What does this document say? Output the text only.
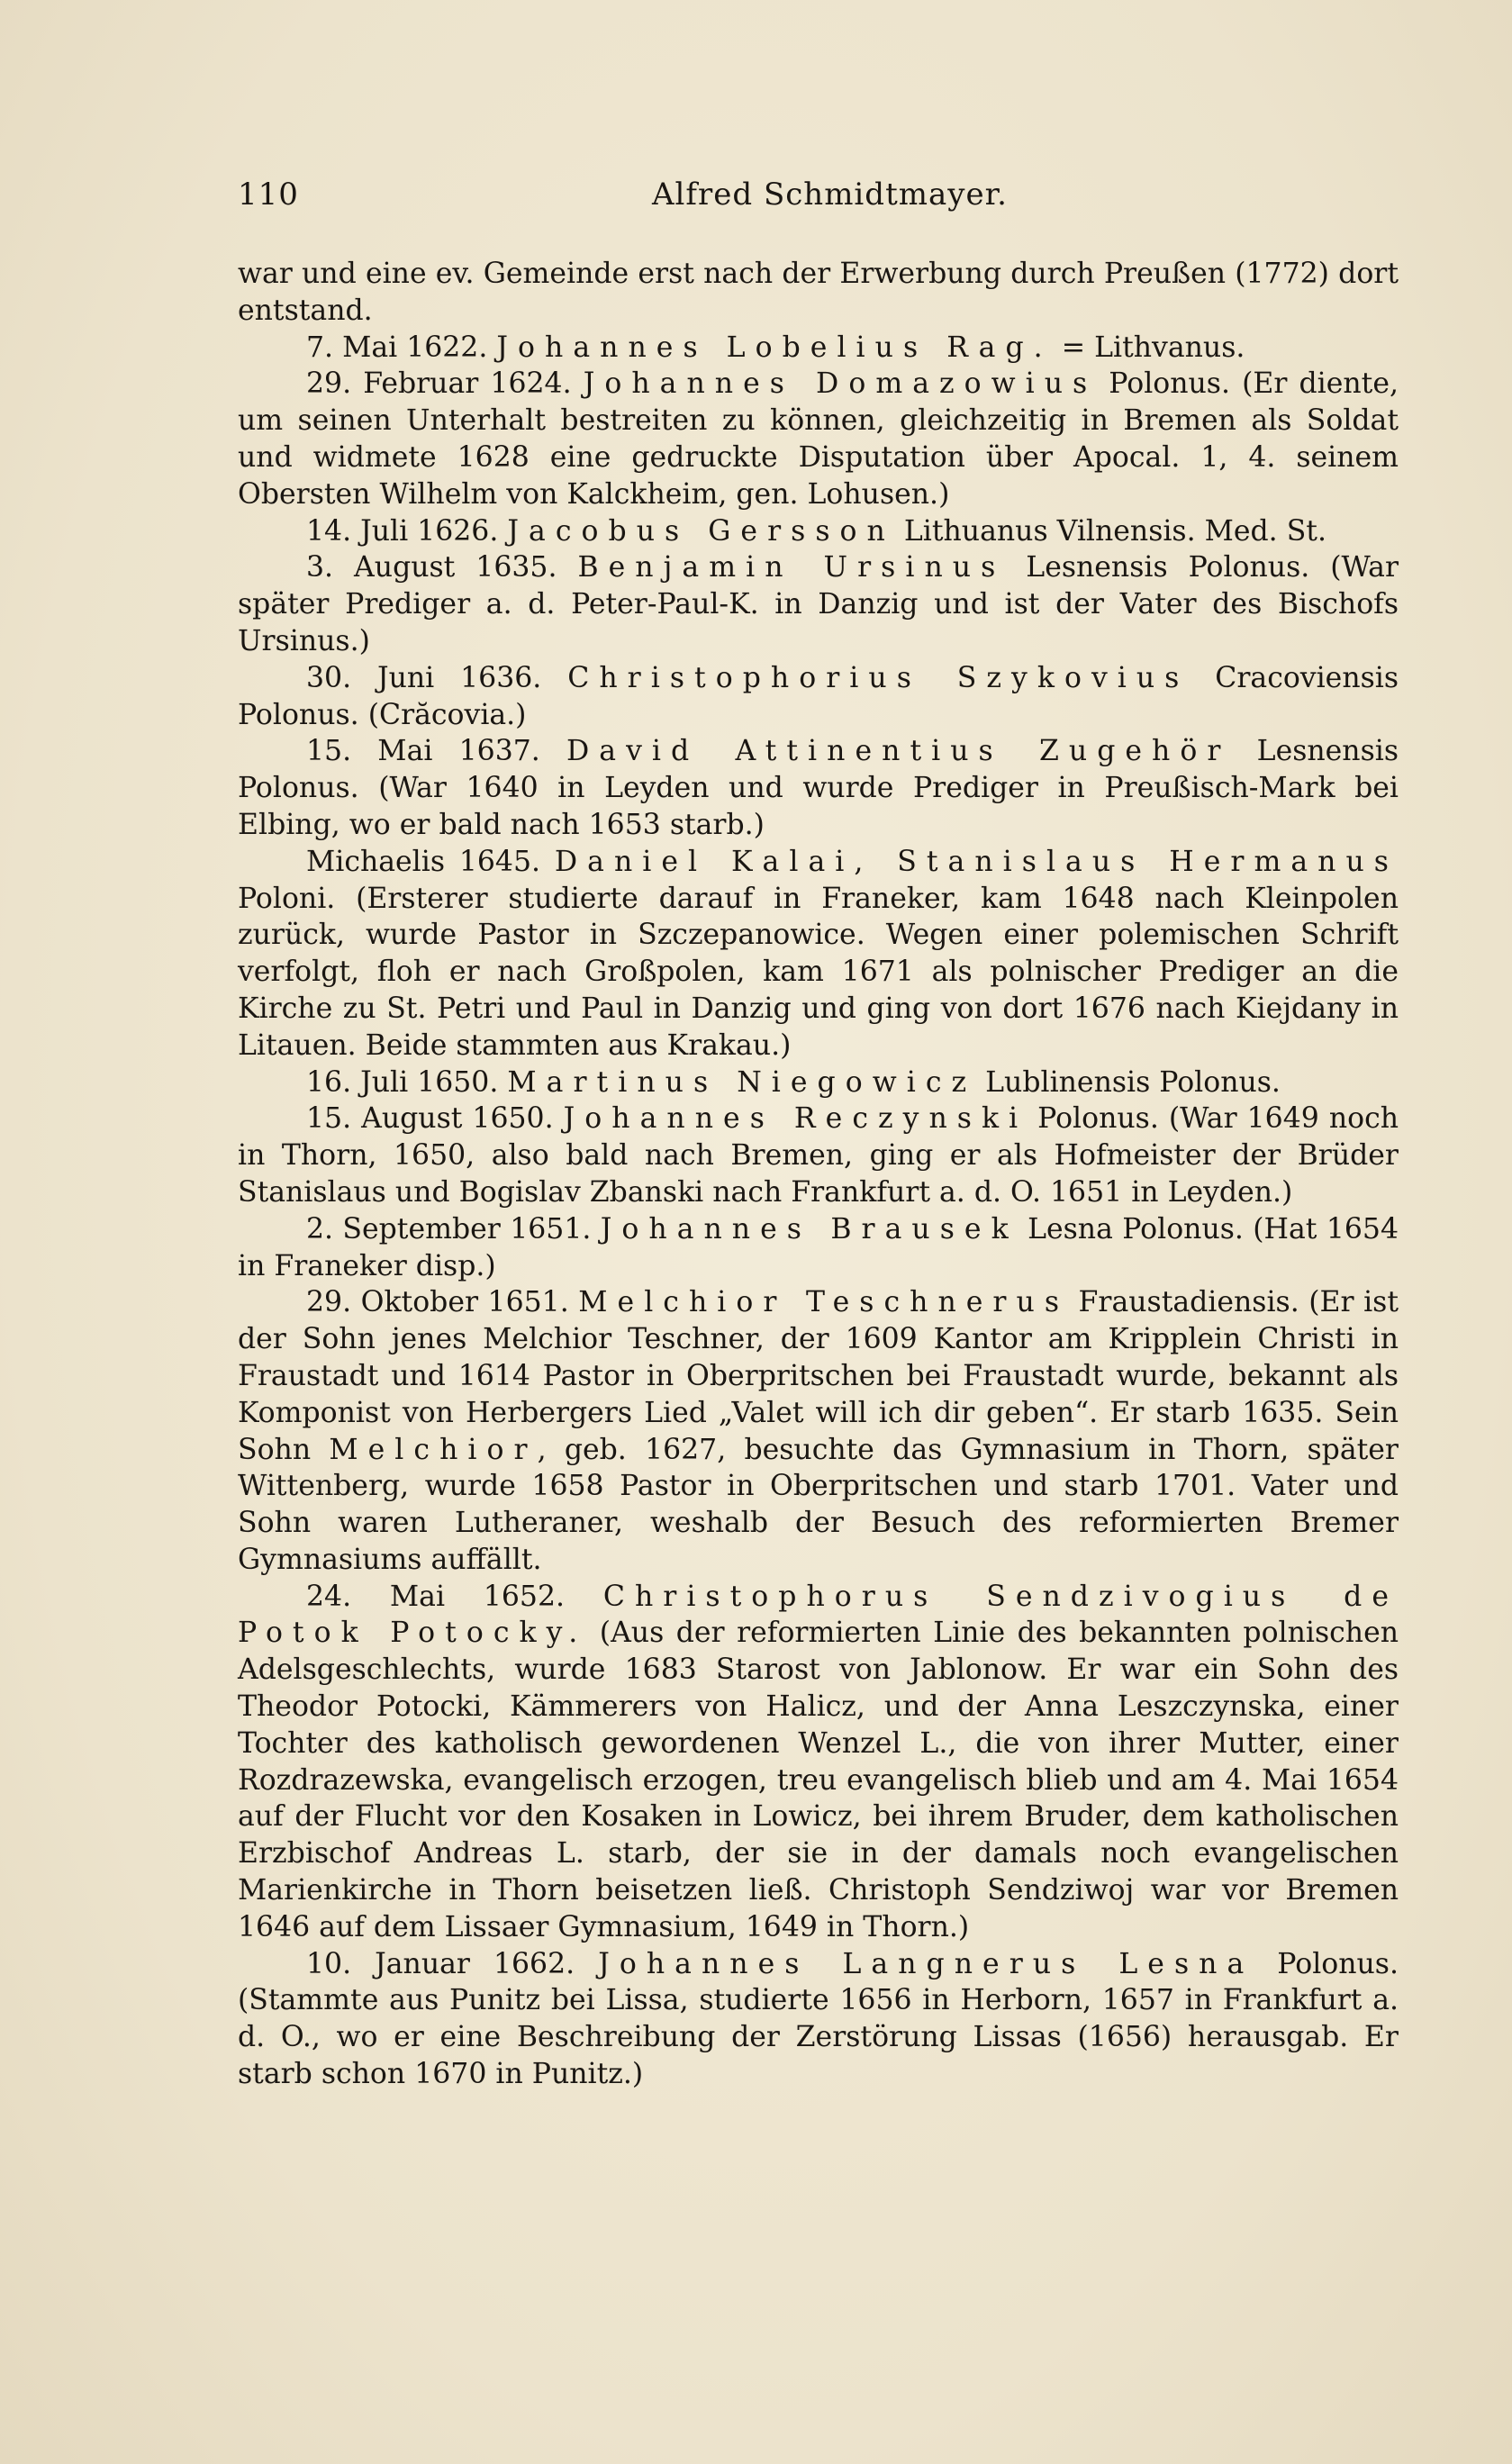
110	Alfred Schmidtmayer.

war und eine ev. Gemeinde erst nach der Erwerbung durch Preußen (1772) dort entstand.

7. Mai 1622. Johannes Lobelius Rag. = Lithvanus.

29. Februar 1624. Johannes Domazowius Polonus. (Er diente, um seinen Unterhalt bestreiten zu können, gleichzeitig in Bremen als Soldat und widmete 1628 eine gedruckte Disputation über Apocal. 1, 4. seinem Obersten Wilhelm von Kalckheim, gen. Lohusen.)

14. Juli 1626. Jacobus Gersson Lithuanus Vilnensis. Med. St.

3. August 1635. Benjamin Ursinus Lesnensis Polonus. (War später Prediger a. d. Peter-Paul-K. in Danzig und ist der Vater des Bischofs Ursinus.)

30. Juni 1636. Christophorius Szykovius Cracoviensis Polonus. (Crăcovia.)

15. Mai 1637. David Attinentius Zugehör Lesnensis Polonus. (War 1640 in Leyden und wurde Prediger in Preußisch-Mark bei Elbing, wo er bald nach 1653 starb.)

Michaelis 1645. Daniel Kalai, Stanislaus Hermanus Poloni. (Ersterer studierte darauf in Franeker, kam 1648 nach Kleinpolen zurück, wurde Pastor in Szczepanowice. Wegen einer polemischen Schrift verfolgt, floh er nach Großpolen, kam 1671 als polnischer Prediger an die Kirche zu St. Petri und Paul in Danzig und ging von dort 1676 nach Kiejdany in Litauen. Beide stammten aus Krakau.)

16. Juli 1650. Martinus Niegowicz Lublinensis Polonus.

15. August 1650. Johannes Reczynski Polonus. (War 1649 noch in Thorn, 1650, also bald nach Bremen, ging er als Hofmeister der Brüder Stanislaus und Bogislav Zbanski nach Frankfurt a. d. O. 1651 in Leyden.)

2. September 1651. Johannes Brausek Lesna Polonus. (Hat 1654 in Franeker disp.)

29. Oktober 1651. Melchior Teschnerus Fraustadiensis. (Er ist der Sohn jenes Melchior Teschner, der 1609 Kantor am Kripplein Christi in Fraustadt und 1614 Pastor in Oberpritschen bei Fraustadt wurde, bekannt als Komponist von Herbergers Lied „Valet will ich dir geben“. Er starb 1635. Sein Sohn Melchior, geb. 1627, besuchte das Gymnasium in Thorn, später Wittenberg, wurde 1658 Pastor in Oberpritschen und starb 1701. Vater und Sohn waren Lutheraner, weshalb der Besuch des reformierten Bremer Gymnasiums auffällt.

24. Mai 1652. Christophorus Sendzivogius de Potok Potocky. (Aus der reformierten Linie des bekannten polnischen Adelsgeschlechts, wurde 1683 Starost von Jablonow. Er war ein Sohn des Theodor Potocki, Kämmerers von Halicz, und der Anna Leszczynska, einer Tochter des katholisch gewordenen Wenzel L., die von ihrer Mutter, einer Rozdrazewska, evangelisch erzogen, treu evangelisch blieb und am 4. Mai 1654 auf der Flucht vor den Kosaken in Lowicz, bei ihrem Bruder, dem katholischen Erzbischof Andreas L. starb, der sie in der damals noch evangelischen Marienkirche in Thorn beisetzen ließ. Christoph Sendziwoj war vor Bremen 1646 auf dem Lissaer Gymnasium, 1649 in Thorn.)

10. Januar 1662. Johannes Langnerus Lesna Polonus. (Stammte aus Punitz bei Lissa, studierte 1656 in Herborn, 1657 in Frankfurt a. d. O., wo er eine Beschreibung der Zerstörung Lissas (1656) herausgab. Er starb schon 1670 in Punitz.)
